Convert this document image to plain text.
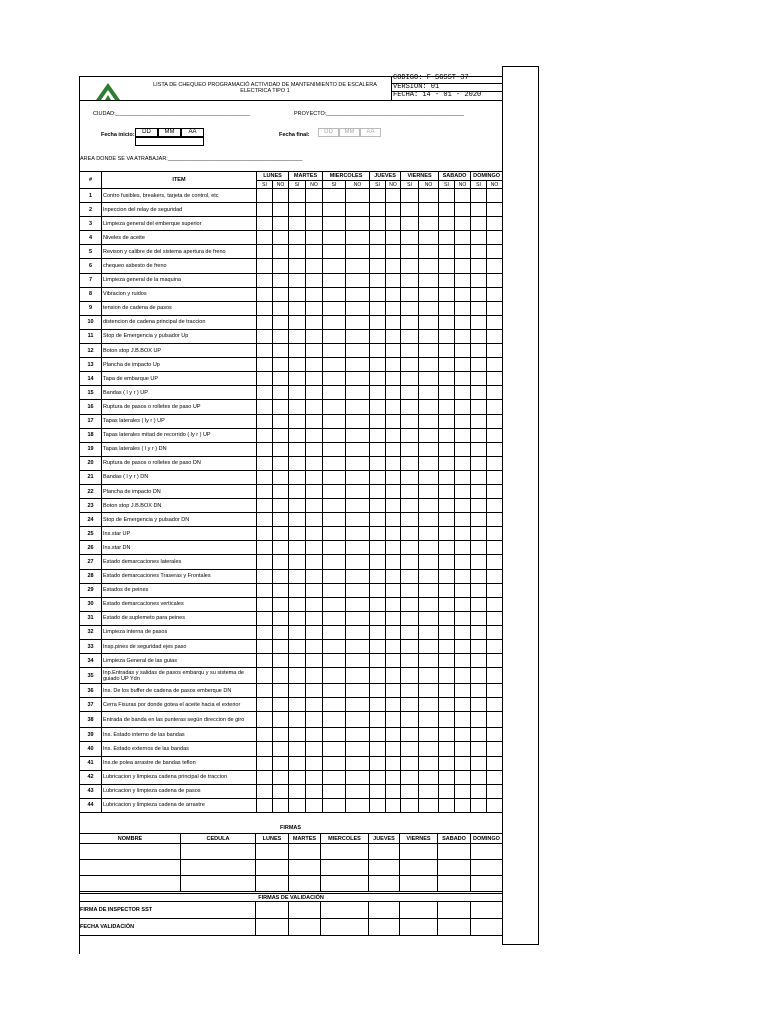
LISTA DE CHEQUEO PROGRAMACIÓ ACTIVIDAD DE MANTENIMIENTO DE ESCALERA ELECTRICA TIPO 1
CODIGO: F-SGSST-37
VERSION: 01
FECHA: 14 - 01 - 2020
CIUDAD:____________________________________________	PROYECTO:_____________________________________________
Fecha inicio:	DD	MM	AA	Fecha final:	DD	MM	AA
AREA DONDE SE VA ATRABAJAR:____________________________________________
#	ITEM	LUNES		MARTES		MIERCOLES		JUEVES		VIERNES		SABADO		DOMINGO	
		SI	NO	SI	NO	SI	NO	SI	NO	SI	NO	SI	NO	SI	NO
1	Contro fusibles, breakers, tarjeta de control, etc														
2	Inpeccion del relay de seguridad														
3	Limpieza general del emberque superior														
4	Niveles de aceite														
5	Revison y calibre de del sistema apertura de freno														
6	chequeo asbesto de freno														
7	Limpieza general de la maquina														
8	Vibracion y ruidos														
9	tension de cadena de pasos														
10	distencion de cadena principal de traccion														
11	Stop de Emergencia y pulsador Up														
12	Boton stop J.B.BOX UP														
13	Plancha de impacto Up														
14	Tapa de embarque UP														
15	Bandas ( l y r ) UP														
16	Ruptura de pasos o rolletes de paso UP														
17	Tapas laterales ( ly r ) UP														
18	Tapas laterales mitad de recorrido ( ly r ) UP														
19	Tapas laterales ( l y r ) DN														
20	Ruptura de pasos o rolletes de paso DN														
21	Bandas ( l y r ) DN														
22	Plancha de impacto DN														
23	Boton stop J.B.BOX DN														
24	Stop de Emergencia y pulsador DN														
25	Ins.star UP														
26	Ins.star DN														
27	Estado demarcaciones laterales														
28	Estado demarcaciones Traseras y Frontales														
29	Estados de peines														
30	Estado demarcaciones verticales														
31	Estado de suplemeto para peines														
32	Limpieza interna de pasos														
33	Insp.pines de seguridad ejes paso														
34	Limpieza General de las guias														
35	Inp.Entradas y salidas de pasos embarqu y su sistema de guiado UP Ydn														
36	Ins. De los buffer de cadena de pasos emberque DN														
37	Cerra Fisuras por donde gotea el aceite hacia el exterior														
38	Entrada de banda en las punteras según direccion de giro														
39	Ins. Estado interno de las bandas														
40	Ins. Estado externos de las bandas														
41	Ins.de polea arrastre de bandas teflon														
42	Lubricacion y limpieza cadena principal de traccion														
43	Lubricacion y limpieza cadena de pasos														
44	Lubricacion y limpieza cadena de arrastre														
FIRMAS
NOMBRE	CEDULA	LUNES	MARTES	MIERCOLES	JUEVES	VIERNES	SABADO	DOMINGO

FIRMAS DE VALIDACIÓN							
FIRMA DE INSPECTOR SST							
FECHA VALIDACIÒN							
